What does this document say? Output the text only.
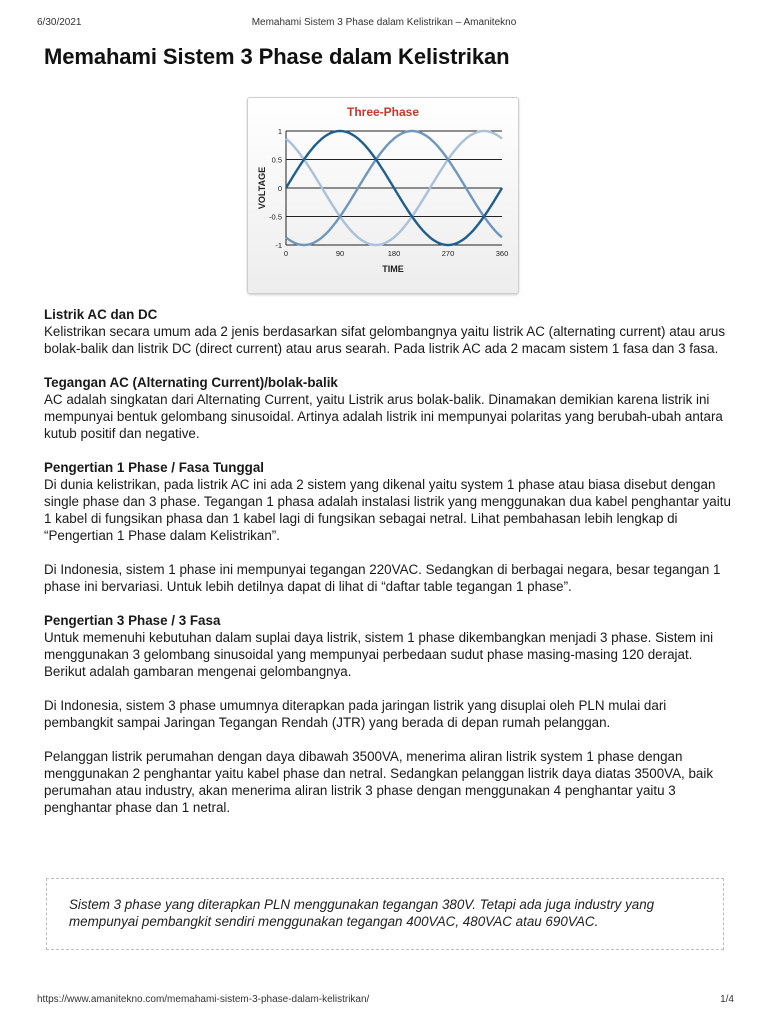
6/30/2021	Memahami Sistem 3 Phase dalam Kelistrikan – Amanitekno
Memahami Sistem 3 Phase dalam Kelistrikan
Three-Phase
VOLTAGE
TIME
1
0.5
0
-0.5
-1
0	90	180	270	360
Listrik AC dan DC

Kelistrikan secara umum ada 2 jenis berdasarkan sifat gelombangnya yaitu listrik AC (alternating current) atau arus bolak-balik dan listrik DC (direct current) atau arus searah. Pada listrik AC ada 2 macam sistem 1 fasa dan 3 fasa.

Tegangan AC (Alternating Current)/bolak-balik

AC adalah singkatan dari Alternating Current, yaitu Listrik arus bolak-balik. Dinamakan demikian karena listrik ini mempunyai bentuk gelombang sinusoidal. Artinya adalah listrik ini mempunyai polaritas yang berubah-ubah antara kutub positif dan negative.

Pengertian 1 Phase / Fasa Tunggal

Di dunia kelistrikan, pada listrik AC ini ada 2 sistem yang dikenal yaitu system 1 phase atau biasa disebut dengan single phase dan 3 phase. Tegangan 1 phasa adalah instalasi listrik yang menggunakan dua kabel penghantar yaitu 1 kabel di fungsikan phasa dan 1 kabel lagi di fungsikan sebagai netral. Lihat pembahasan lebih lengkap di “Pengertian 1 Phase dalam Kelistrikan”.

Di Indonesia, sistem 1 phase ini mempunyai tegangan 220VAC. Sedangkan di berbagai negara, besar tegangan 1 phase ini bervariasi. Untuk lebih detilnya dapat di lihat di “daftar table tegangan 1 phase”.

Pengertian 3 Phase / 3 Fasa

Untuk memenuhi kebutuhan dalam suplai daya listrik, sistem 1 phase dikembangkan menjadi 3 phase. Sistem ini menggunakan 3 gelombang sinusoidal yang mempunyai perbedaan sudut phase masing-masing 120 derajat. Berikut adalah gambaran mengenai gelombangnya.

Di Indonesia, sistem 3 phase umumnya diterapkan pada jaringan listrik yang disuplai oleh PLN mulai dari pembangkit sampai Jaringan Tegangan Rendah (JTR) yang berada di depan rumah pelanggan.

Pelanggan listrik perumahan dengan daya dibawah 3500VA, menerima aliran listrik system 1 phase dengan menggunakan 2 penghantar yaitu kabel phase dan netral. Sedangkan pelanggan listrik daya diatas 3500VA, baik perumahan atau industry, akan menerima aliran listrik 3 phase dengan menggunakan 4 penghantar yaitu 3 penghantar phase dan 1 netral.

Sistem 3 phase yang diterapkan PLN menggunakan tegangan 380V. Tetapi ada juga industry yang mempunyai pembangkit sendiri menggunakan tegangan 400VAC, 480VAC atau 690VAC.
https://www.amanitekno.com/memahami-sistem-3-phase-dalam-kelistrikan/	1/4
